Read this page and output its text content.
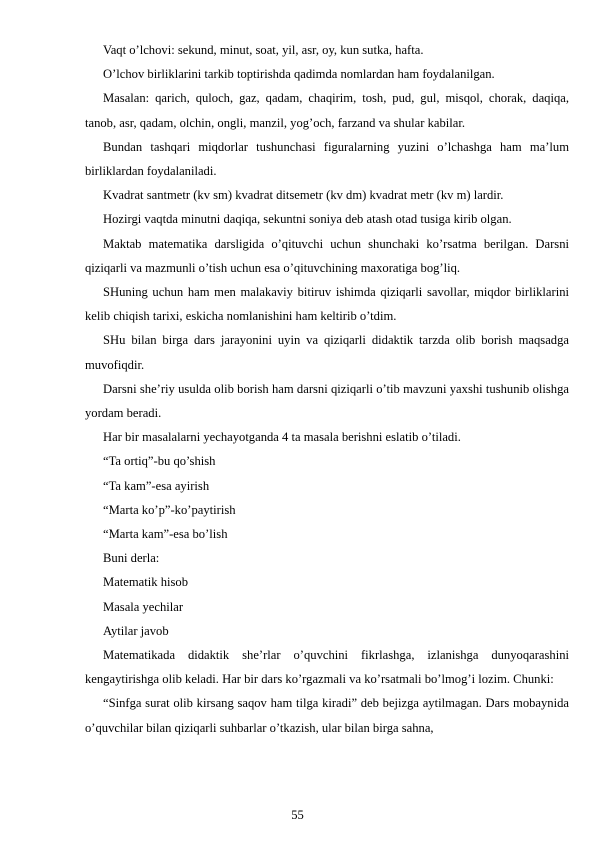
Vaqt o’lchovi: sekund, minut, soat, yil, asr, oy, kun sutka, hafta.

O’lchov birliklarini tarkib toptirishda qadimda nomlardan ham foydalanilgan.

Masalan: qarich, quloch, gaz, qadam, chaqirim, tosh, pud, gul, misqol, chorak, daqiqa, tanob, asr, qadam, olchin, ongli, manzil, yog’och, farzand va shular kabilar.

Bundan tashqari miqdorlar tushunchasi figuralarning yuzini o’lchashga ham ma’lum birliklardan foydalaniladi.

Kvadrat santmetr (kv sm) kvadrat ditsemetr (kv dm) kvadrat metr (kv m) lardir.

Hozirgi vaqtda minutni daqiqa, sekuntni soniya deb atash otad tusiga kirib olgan.

Maktab matematika darsligida o’qituvchi uchun shunchaki ko’rsatma berilgan. Darsni qiziqarli va mazmunli o’tish uchun esa o’qituvchining maxoratiga bog’liq.

SHuning uchun ham men malakaviy bitiruv ishimda qiziqarli savollar, miqdor birliklarini kelib chiqish tarixi, eskicha nomlanishini ham keltirib o’tdim.

SHu bilan birga dars jarayonini uyin va qiziqarli didaktik tarzda olib borish maqsadga muvofiqdir.

Darsni she’riy usulda olib borish ham darsni qiziqarli o’tib mavzuni yaxshi tushunib olishga yordam beradi.

Har bir masalalarni yechayotganda 4 ta masala berishni eslatib o’tiladi.

“Ta ortiq”-bu qo’shish

“Ta kam”-esa ayirish

“Marta ko’p”-ko’paytirish

“Marta kam”-esa bo’lish

Buni derla:

Matematik hisob

Masala yechilar

Aytilar javob

Matematikada didaktik she’rlar o’quvchini fikrlashga, izlanishga dunyoqarashini kengaytirishga olib keladi. Har bir dars ko’rgazmali va ko’rsatmali bo’lmog’i lozim. Chunki:

“Sinfga surat olib kirsang saqov ham tilga kiradi” deb bejizga aytilmagan. Dars mobaynida o’quvchilar bilan qiziqarli suhbarlar o’tkazish, ular bilan birga sahna,

55
